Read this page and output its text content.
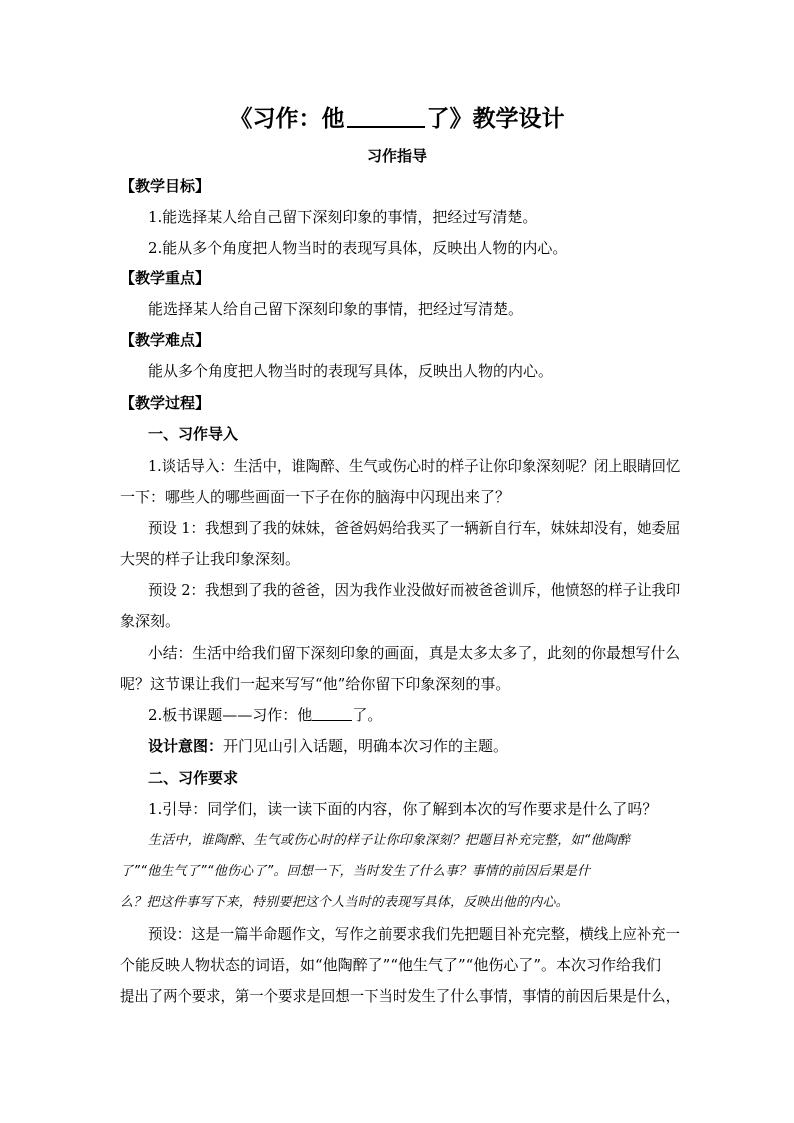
《习作：他	了》教学设计
习作指导
【教学目标】
1.能选择某人给自己留下深刻印象的事情，把经过写清楚。
2.能从多个角度把人物当时的表现写具体，反映出人物的内心。
【教学重点】
能选择某人给自己留下深刻印象的事情，把经过写清楚。
【教学难点】
能从多个角度把人物当时的表现写具体，反映出人物的内心。
【教学过程】
一、习作导入
1.谈话导入：生活中，谁陶醉、生气或伤心时的样子让你印象深刻呢？闭上眼睛回忆
一下：哪些人的哪些画面一下子在你的脑海中闪现出来了？
预设 1：我想到了我的妹妹，爸爸妈妈给我买了一辆新自行车，妹妹却没有，她委屈
大哭的样子让我印象深刻。
预设 2：我想到了我的爸爸，因为我作业没做好而被爸爸训斥，他愤怒的样子让我印
象深刻。
小结：生活中给我们留下深刻印象的画面，真是太多太多了，此刻的你最想写什么
呢？这节课让我们一起来写写“他”给你留下印象深刻的事。
2.板书课题——习作：他	了。
设计意图：开门见山引入话题，明确本次习作的主题。
二、习作要求
1.引导：同学们，读一读下面的内容，你了解到本次的写作要求是什么了吗？
生活中，谁陶醉、生气或伤心时的样子让你印象深刻？把题目补充完整，如“他陶醉
了”“他生气了”“他伤心了”。回想一下，当时发生了什么事？事情的前因后果是什
么？把这件事写下来，特别要把这个人当时的表现写具体，反映出他的内心。
预设：这是一篇半命题作文，写作之前要求我们先把题目补充完整，横线上应补充一
个能反映人物状态的词语，如“他陶醉了”“他生气了”“他伤心了”。本次习作给我们
提出了两个要求，第一个要求是回想一下当时发生了什么事情，事情的前因后果是什么，
